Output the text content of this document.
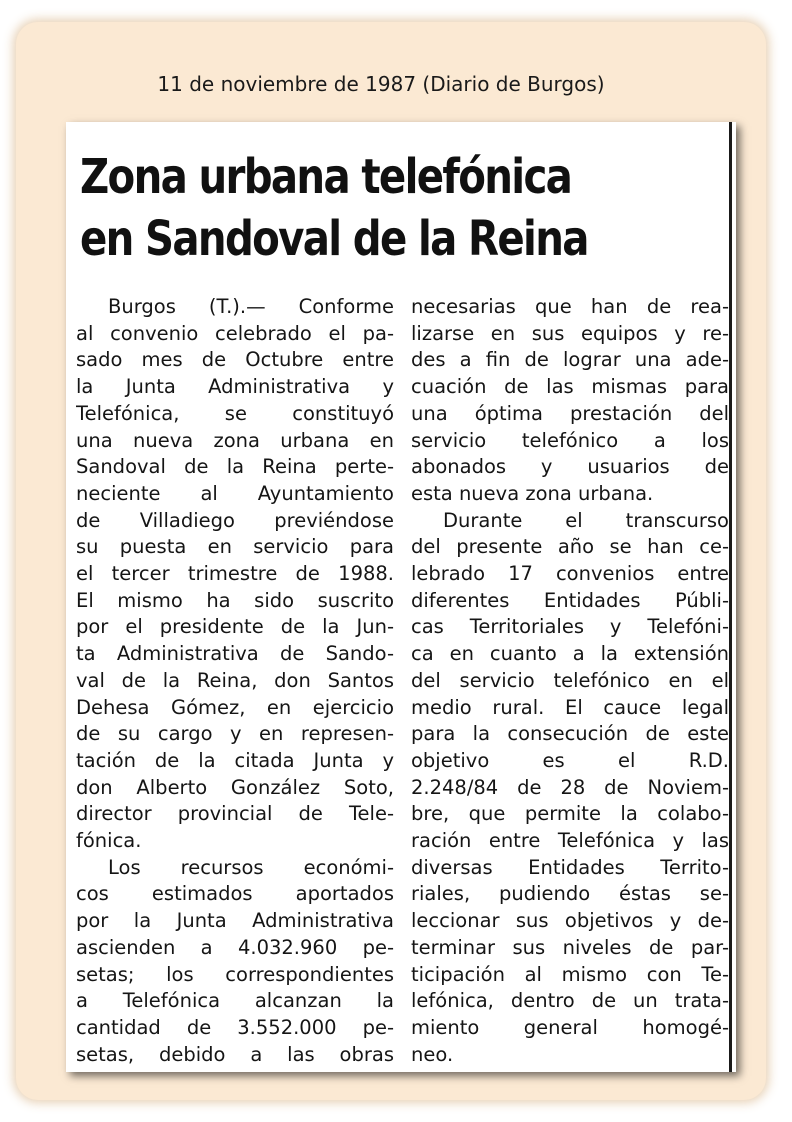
11 de noviembre de 1987 (Diario de Burgos)
Zona urbana telefónica
en Sandoval de la Reina

Burgos (T.).— Conforme

al convenio celebrado el pa-

sado mes de Octubre entre

la Junta Administrativa y

Telefónica, se constituyó

una nueva zona urbana en

Sandoval de la Reina perte-

neciente al Ayuntamiento

de Villadiego previéndose

su puesta en servicio para

el tercer trimestre de 1988.

El mismo ha sido suscrito

por el presidente de la Jun-

ta Administrativa de Sando-

val de la Reina, don Santos

Dehesa Gómez, en ejercicio

de su cargo y en represen-

tación de la citada Junta y

don Alberto González Soto,

director provincial de Tele-

fónica.

Los recursos económi-

cos estimados aportados

por la Junta Administrativa

ascienden a 4.032.960 pe-

setas; los correspondientes

a Telefónica alcanzan la

cantidad de 3.552.000 pe-

setas, debido a las obras

necesarias que han de rea-

lizarse en sus equipos y re-

des a fin de lograr una ade-

cuación de las mismas para

una óptima prestación del

servicio telefónico a los

abonados y usuarios de

esta nueva zona urbana.

Durante el transcurso

del presente año se han ce-

lebrado 17 convenios entre

diferentes Entidades Públi-

cas Territoriales y Telefóni-

ca en cuanto a la extensión

del servicio telefónico en el

medio rural. El cauce legal

para la consecución de este

objetivo es el R.D.

2.248/84 de 28 de Noviem-

bre, que permite la colabo-

ración entre Telefónica y las

diversas Entidades Territo-

riales, pudiendo éstas se-

leccionar sus objetivos y de-

terminar sus niveles de par-

ticipación al mismo con Te-

lefónica, dentro de un trata-

miento general homogé-

neo.
